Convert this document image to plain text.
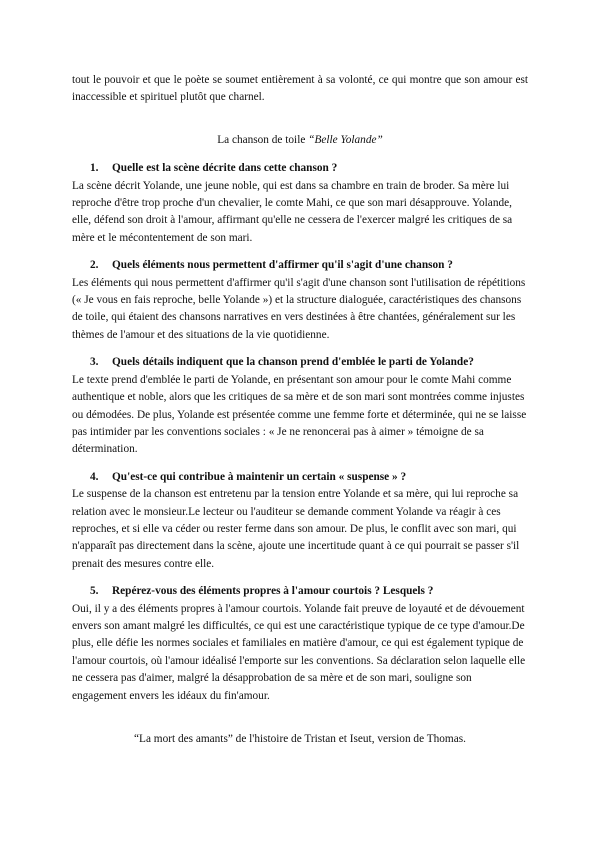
tout le pouvoir et que le poète se soumet entièrement à sa volonté, ce qui montre que son amour est inaccessible et spirituel plutôt que charnel.

La chanson de toile “Belle Yolande”

1.	Quelle est la scène décrite dans cette chanson ?

La scène décrit Yolande, une jeune noble, qui est dans sa chambre en train de broder. Sa mère lui reproche d'être trop proche d'un chevalier, le comte Mahi, ce que son mari désapprouve. Yolande, elle, défend son droit à l'amour, affirmant qu'elle ne cessera de l'exercer malgré les critiques de sa mère et le mécontentement de son mari.

2.	Quels éléments nous permettent d'affirmer qu'il s'agit d'une chanson ?

Les éléments qui nous permettent d'affirmer qu'il s'agit d'une chanson sont l'utilisation de répétitions (« Je vous en fais reproche, belle Yolande ») et la structure dialoguée, caractéristiques des chansons de toile, qui étaient des chansons narratives en vers destinées à être chantées, généralement sur les thèmes de l'amour et des situations de la vie quotidienne.

3.	Quels détails indiquent que la chanson prend d'emblée le parti de Yolande?

Le texte prend d'emblée le parti de Yolande, en présentant son amour pour le comte Mahi comme authentique et noble, alors que les critiques de sa mère et de son mari sont montrées comme injustes ou démodées. De plus, Yolande est présentée comme une femme forte et déterminée, qui ne se laisse pas intimider par les conventions sociales : « Je ne renoncerai pas à aimer » témoigne de sa détermination.

4.	Qu'est-ce qui contribue à maintenir un certain « suspense » ?

Le suspense de la chanson est entretenu par la tension entre Yolande et sa mère, qui lui reproche sa relation avec le monsieur.Le lecteur ou l'auditeur se demande comment Yolande va réagir à ces reproches, et si elle va céder ou rester ferme dans son amour. De plus, le conflit avec son mari, qui n'apparaît pas directement dans la scène, ajoute une incertitude quant à ce qui pourrait se passer s'il prenait des mesures contre elle.

5.	Repérez-vous des éléments propres à l'amour courtois ? Lesquels ?

Oui, il y a des éléments propres à l'amour courtois. Yolande fait preuve de loyauté et de dévouement envers son amant malgré les difficultés, ce qui est une caractéristique typique de ce type d'amour.De plus, elle défie les normes sociales et familiales en matière d'amour, ce qui est également typique de l'amour courtois, où l'amour idéalisé l'emporte sur les conventions. Sa déclaration selon laquelle elle ne cessera pas d'aimer, malgré la désapprobation de sa mère et de son mari, souligne son engagement envers les idéaux du fin'amour.

“La mort des amants” de l'histoire de Tristan et Iseut, version de Thomas.
